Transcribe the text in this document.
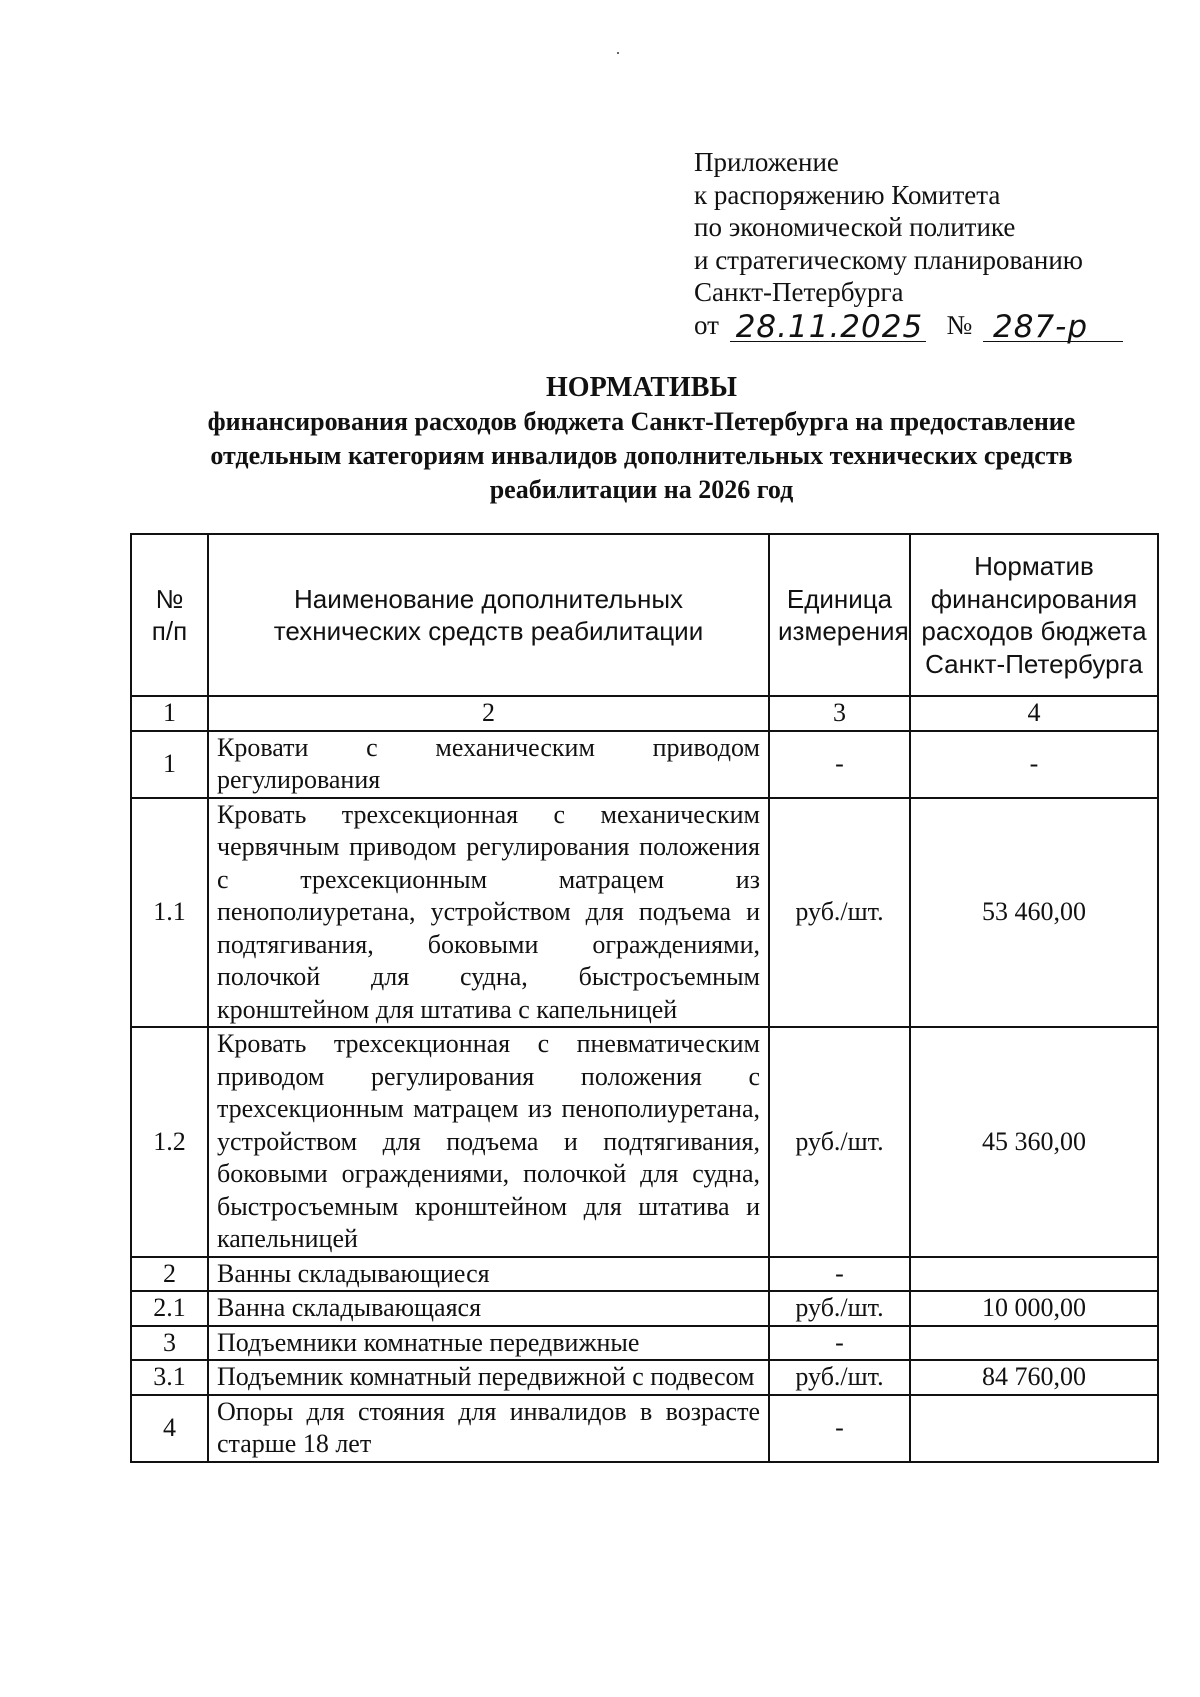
Приложение
к распоряжению Комитета
по экономической политике
и стратегическому планированию
Санкт-Петербурга
от 28.11.2025 № 287-р

НОРМАТИВЫ
финансирования расходов бюджета Санкт-Петербурга на предоставление
отдельным категориям инвалидов дополнительных технических средств
реабилитации на 2026 год
№ п/п	Наименование дополнительных технических средств реабилитации	Единица измерения	Норматив финансирования расходов бюджета Санкт-Петербурга
1	2	3	4
1	Кровати с механическим приводом регулирования	-	-
1.1	Кровать трехсекционная с механическим червячным приводом регулирования положения с трехсекционным матрацем из пенополиуретана, устройством для подъема и подтягивания, боковыми ограждениями, полочкой для судна, быстросъемным кронштейном для штатива с капельницей	руб./шт.	53 460,00
1.2	Кровать трехсекционная с пневматическим приводом регулирования положения с трехсекционным матрацем из пенополиуретана, устройством для подъема и подтягивания, боковыми ограждениями, полочкой для судна, быстросъемным кронштейном для штатива и капельницей	руб./шт.	45 360,00
2	Ванны складывающиеся	-	
2.1	Ванна складывающаяся	руб./шт.	10 000,00
3	Подъемники комнатные передвижные	-	
3.1	Подъемник комнатный передвижной с подвесом	руб./шт.	84 760,00
4	Опоры для стояния для инвалидов в возрасте старше 18 лет	-	
